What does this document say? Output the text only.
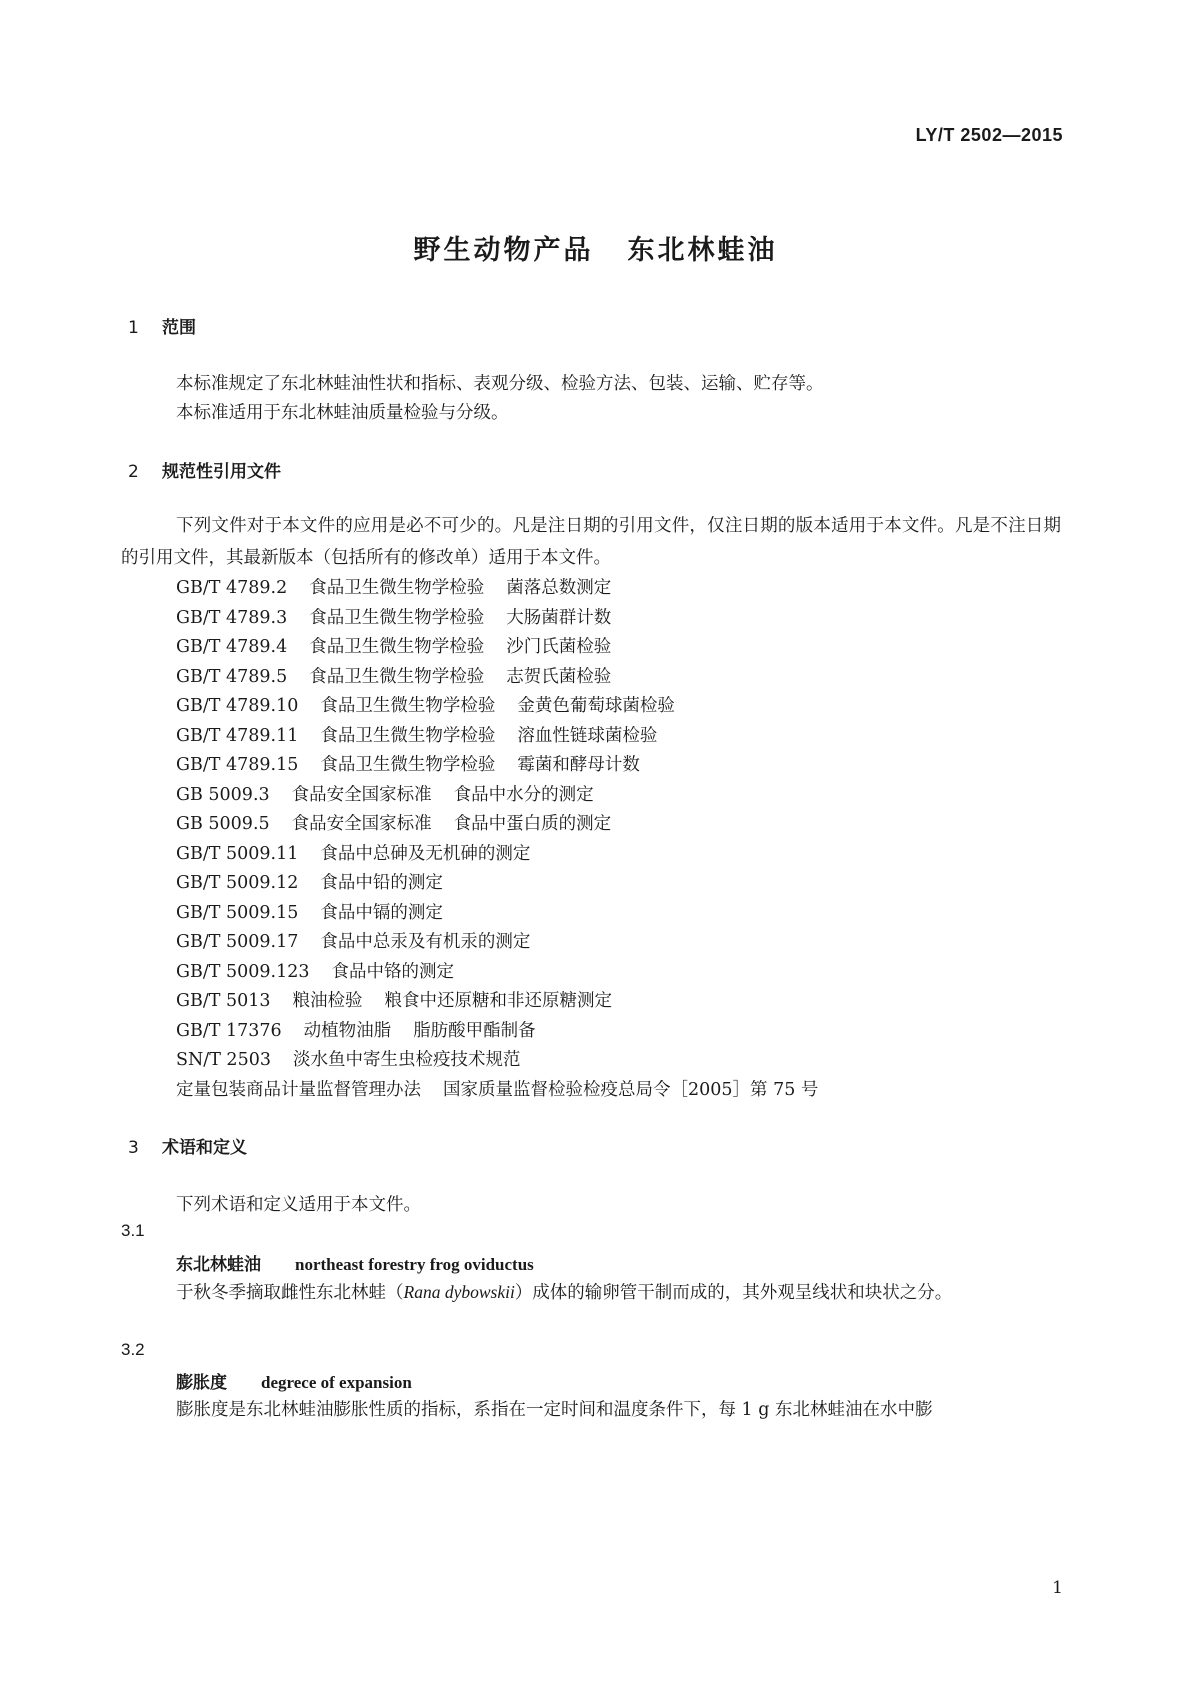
LY/T 2502—2015
野生动物产品 东北林蛙油
1 范围
本标准规定了东北林蛙油性状和指标、表观分级、检验方法、包装、运输、贮存等。
本标准适用于东北林蛙油质量检验与分级。
2 规范性引用文件
下列文件对于本文件的应用是必不可少的。凡是注日期的引用文件，仅注日期的版本适用于本文件。凡是不注日期的引用文件，其最新版本（包括所有的修改单）适用于本文件。
GB/T 4789.2 食品卫生微生物学检验 菌落总数测定
GB/T 4789.3 食品卫生微生物学检验 大肠菌群计数
GB/T 4789.4 食品卫生微生物学检验 沙门氏菌检验
GB/T 4789.5 食品卫生微生物学检验 志贺氏菌检验
GB/T 4789.10 食品卫生微生物学检验 金黄色葡萄球菌检验
GB/T 4789.11 食品卫生微生物学检验 溶血性链球菌检验
GB/T 4789.15 食品卫生微生物学检验 霉菌和酵母计数
GB 5009.3 食品安全国家标准 食品中水分的测定
GB 5009.5 食品安全国家标准 食品中蛋白质的测定
GB/T 5009.11 食品中总砷及无机砷的测定
GB/T 5009.12 食品中铅的测定
GB/T 5009.15 食品中镉的测定
GB/T 5009.17 食品中总汞及有机汞的测定
GB/T 5009.123 食品中铬的测定
GB/T 5013 粮油检验 粮食中还原糖和非还原糖测定
GB/T 17376 动植物油脂 脂肪酸甲酯制备
SN/T 2503 淡水鱼中寄生虫检疫技术规范
定量包装商品计量监督管理办法 国家质量监督检验检疫总局令［2005］第 75 号
3 术语和定义
下列术语和定义适用于本文件。
3.1
东北林蛙油 northeast forestry frog oviductus
于秋冬季摘取雌性东北林蛙（Rana dybowskii）成体的输卵管干制而成的，其外观呈线状和块状之分。
3.2
膨胀度 degrece of expansion
膨胀度是东北林蛙油膨胀性质的指标，系指在一定时间和温度条件下，每 1 g 东北林蛙油在水中膨
1
